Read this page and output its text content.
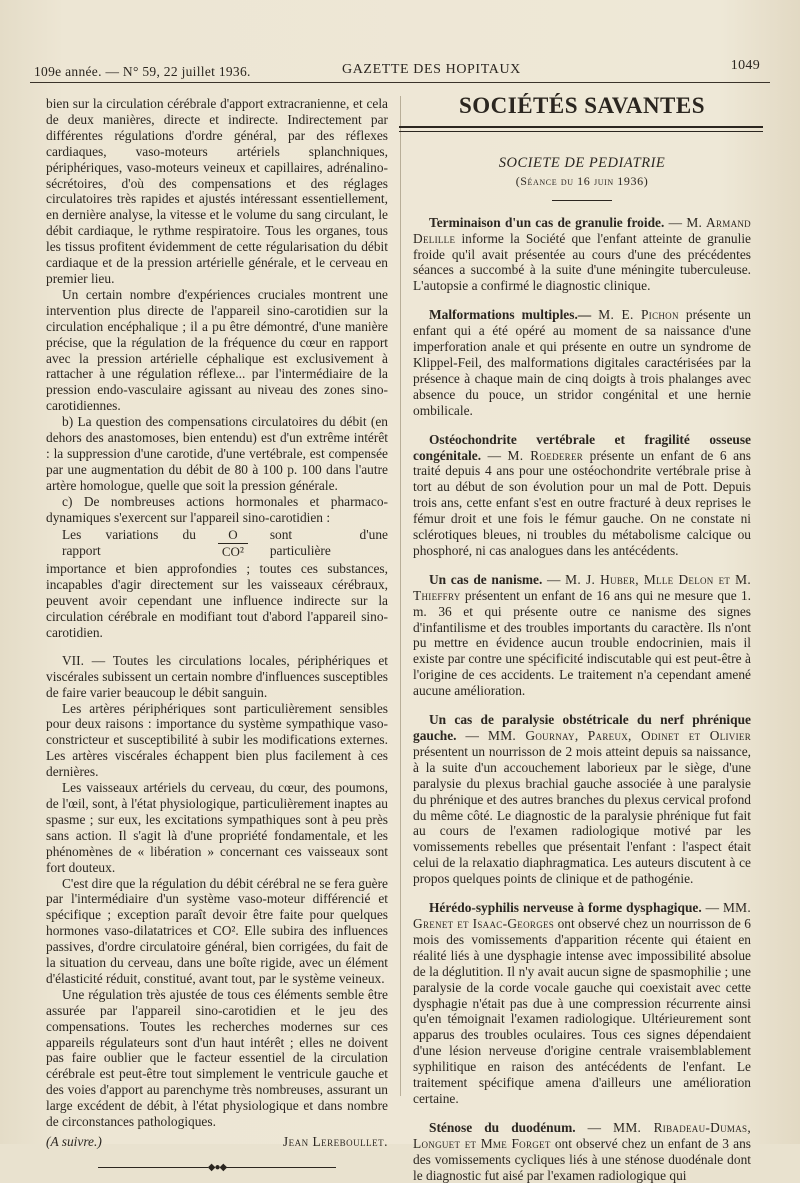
109e année. — N° 59, 22 juillet 1936.	GAZETTE DES HOPITAUX	1049

bien sur la circulation cérébrale d'apport extracranienne, et cela de deux manières, directe et indirecte. Indirectement par différentes régulations d'ordre général, par des réflexes cardiaques, vaso-moteurs artériels splanchniques, périphériques, vaso-moteurs veineux et capillaires, adrénalino-sécrétoires, d'où des compensations et des réglages circulatoires très rapides et ajustés intéressant essentiellement, en dernière analyse, la vitesse et le volume du sang circulant, le débit cardiaque, le rythme respiratoire. Tous les organes, tous les tissus profitent évidemment de cette régularisation du débit cardiaque et de la pression artérielle générale, et le cerveau en premier lieu.

Un certain nombre d'expériences cruciales montrent une intervention plus directe de l'appareil sino-carotidien sur la circulation encéphalique ; il a pu être démontré, d'une manière précise, que la régulation de la fréquence du cœur en rapport avec la pression artérielle céphalique est exclusivement à rattacher à une régulation réflexe... par l'intermédiaire de la pression endo-vasculaire agissant au niveau des zones sino-carotidiennes.

b) La question des compensations circulatoires du débit (en dehors des anastomoses, bien entendu) est d'un extrême intérêt : la suppression d'une carotide, d'une vertébrale, est compensée par une augmentation du débit de 80 à 100 p. 100 dans l'autre artère homologue, quelle que soit la pression générale.

c) De nombreuses actions hormonales et pharmaco-dynamiques s'exercent sur l'appareil sino-carotidien :

Les variations du rapport
O
CO²
sont d'une particulière

importance et bien approfondies ; toutes ces substances, incapables d'agir directement sur les vaisseaux cérébraux, peuvent avoir cependant une influence indirecte sur la circulation cérébrale en modifiant tout d'abord l'appareil sino-carotidien.

VII. — Toutes les circulations locales, périphériques et viscérales subissent un certain nombre d'influences susceptibles de faire varier beaucoup le débit sanguin.

Les artères périphériques sont particulièrement sensibles pour deux raisons : importance du système sympathique vaso-constricteur et susceptibilité à subir les modifications externes. Les artères viscérales échappent bien plus facilement à ces dernières.

Les vaisseaux artériels du cerveau, du cœur, des poumons, de l'œil, sont, à l'état physiologique, particulièrement inaptes au spasme ; sur eux, les excitations sympathiques sont à peu près sans action. Il s'agit là d'une propriété fondamentale, et les phénomènes de « libération » concernant ces vaisseaux sont fort douteux.

C'est dire que la régulation du débit cérébral ne se fera guère par l'intermédiaire d'un système vaso-moteur différencié et spécifique ; exception paraît devoir être faite pour quelques hormones vaso-dilatatrices et CO². Elle subira des influences passives, d'ordre circulatoire général, bien corrigées, du fait de la situation du cerveau, dans une boîte rigide, avec un élément d'élasticité réduit, constitué, avant tout, par le système veineux.

Une régulation très ajustée de tous ces éléments semble être assurée par l'appareil sino-carotidien et le jeu des compensations. Toutes les recherches modernes sur ces appareils régulateurs sont d'un haut intérêt ; elles ne doivent pas faire oublier que le facteur essentiel de la circulation cérébrale est peut-être tout simplement le ventricule gauche et des voies d'apport au parenchyme très nombreuses, assurant un large excédent de débit, à l'état physiologique et dans nombre de circonstances pathologiques.

Jean Lereboullet.
(A suivre.)
◆●◆
SOCIÉTÉS SAVANTES
SOCIETE DE PEDIATRIE
(Séance du 16 juin 1936)

Terminaison d'un cas de granulie froide. — M. Armand Delille informe la Société que l'enfant atteinte de granulie froide qu'il avait présentée au cours d'une des précédentes séances a succombé à la suite d'une méningite tuberculeuse. L'autopsie a confirmé le diagnostic clinique.

Malformations multiples.— M. E. Pichon présente un enfant qui a été opéré au moment de sa naissance d'une imperforation anale et qui présente en outre un syndrome de Klippel-Feil, des malformations digitales caractérisées par la présence à chaque main de cinq doigts à trois phalanges avec absence du pouce, un stridor congénital et une hernie ombilicale.

Ostéochondrite vertébrale et fragilité osseuse congénitale. — M. Roederer présente un enfant de 6 ans traité depuis 4 ans pour une ostéochondrite vertébrale prise à tort au début de son évolution pour un mal de Pott. Depuis trois ans, cette enfant s'est en outre fracturé à deux reprises le fémur droit et une fois le fémur gauche. On ne constate ni sclérotiques bleues, ni troubles du métabolisme calcique ou phosphoré, ni cas analogues dans les antécédents.

Un cas de nanisme. — M. J. Huber, Mlle Delon et M. Thieffry présentent un enfant de 16 ans qui ne mesure que 1. m. 36 et qui présente outre ce nanisme des signes d'infantilisme et des troubles importants du caractère. Ils n'ont pu mettre en évidence aucun trouble endocrinien, mais il existe par contre une spécificité indiscutable qui est peut-être à l'origine de ces accidents. Le traitement n'a cependant amené aucune amélioration.

Un cas de paralysie obstétricale du nerf phrénique gauche. — MM. Gournay, Pareux, Odinet et Olivier présentent un nourrisson de 2 mois atteint depuis sa naissance, à la suite d'un accouchement laborieux par le siège, d'une paralysie du plexus brachial gauche associée à une paralysie du phrénique et des autres branches du plexus cervical profond du même côté. Le diagnostic de la paralysie phrénique fut fait au cours de l'examen radiologique motivé par les vomissements rebelles que présentait l'enfant : l'aspect était celui de la relaxatio diaphragmatica. Les auteurs discutent à ce propos quelques points de clinique et de pathogénie.

Hérédo-syphilis nerveuse à forme dysphagique. — MM. Grenet et Isaac-Georges ont observé chez un nourrisson de 6 mois des vomissements d'apparition récente qui étaient en réalité liés à une dysphagie intense avec impossibilité absolue de la déglutition. Il n'y avait aucun signe de spasmophilie ; une paralysie de la corde vocale gauche qui coexistait avec cette dysphagie n'était pas due à une compression récurrente ainsi qu'en témoignait l'examen radiologique. Ultérieurement sont apparus des troubles oculaires. Tous ces signes dépendaient d'une lésion nerveuse d'origine centrale vraisemblablement syphilitique en raison des antécédents de l'enfant. Le traitement spécifique amena d'ailleurs une amélioration certaine.

Sténose du duodénum. — MM. Ribadeau-Dumas, Longuet et Mme Forget ont observé chez un enfant de 3 ans des vomissements cycliques liés à une sténose duodénale dont le diagnostic fut aisé par l'examen radiologique qui
